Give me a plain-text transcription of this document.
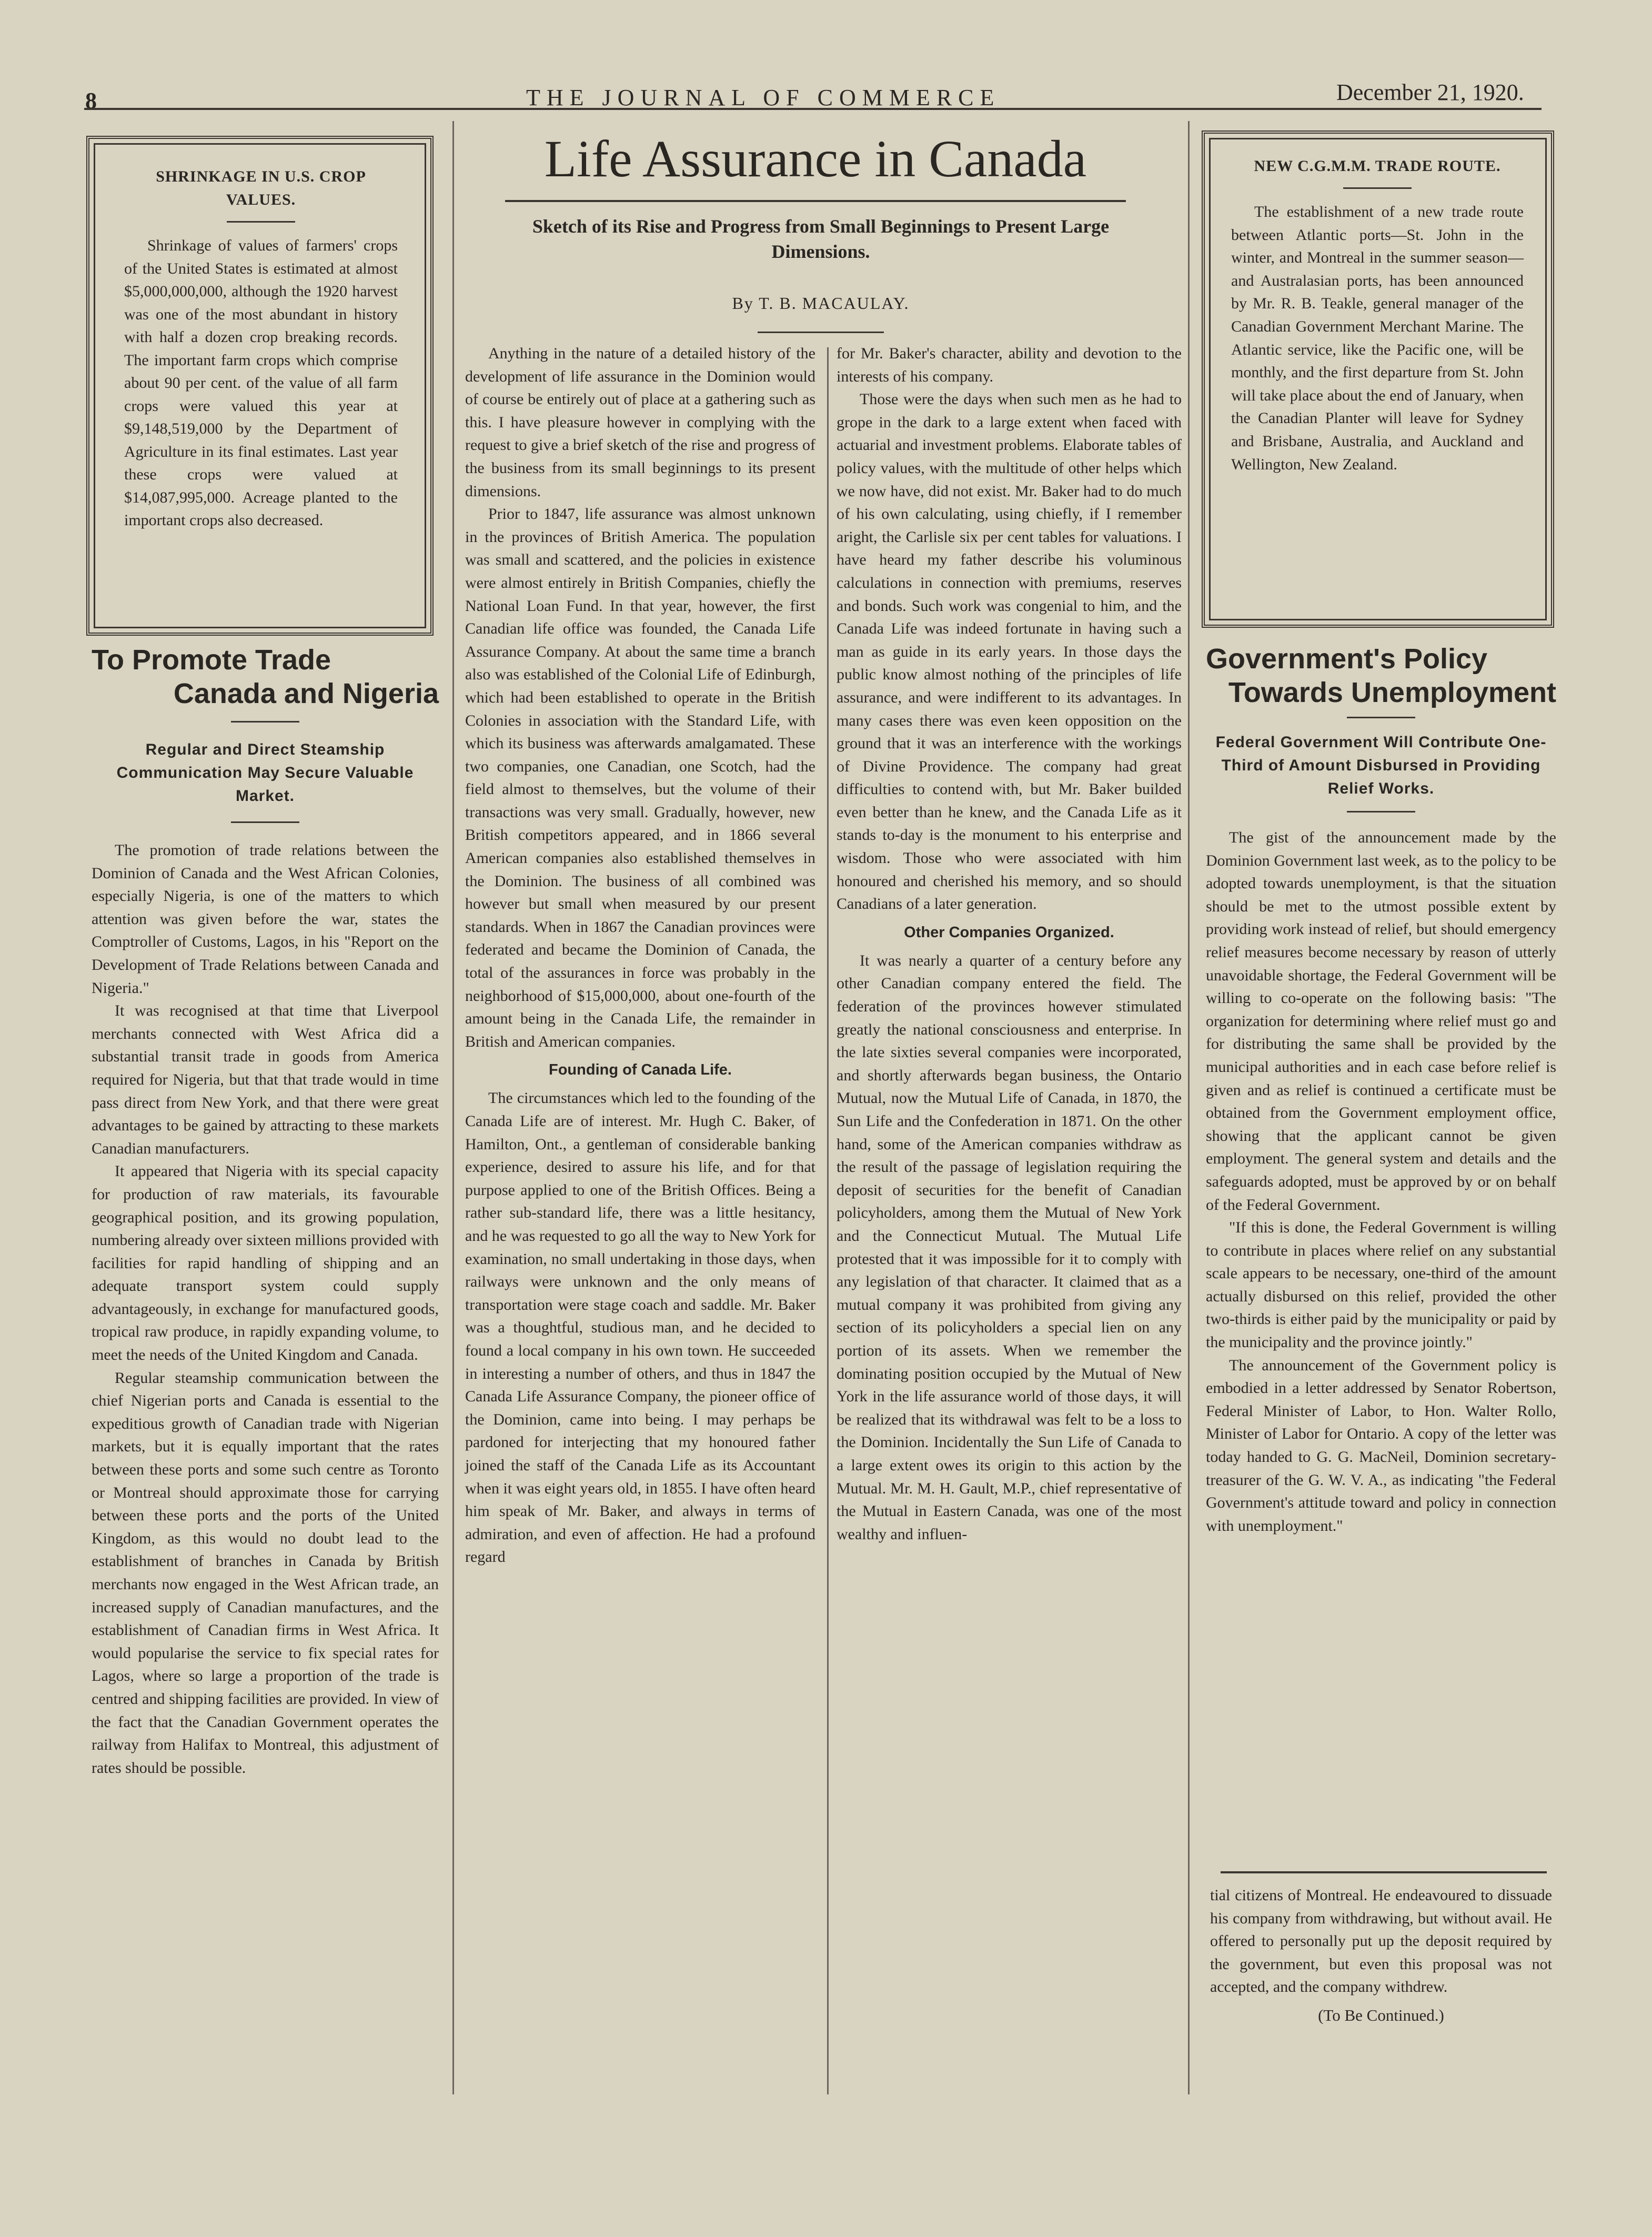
8	THE JOURNAL OF COMMERCE	December 21, 1920.
SHRINKAGE IN U.S. CROP VALUES.

Shrinkage of values of farmers' crops of the United States is estimated at almost $5,000,000,000, although the 1920 harvest was one of the most abundant in history with half a dozen crop breaking records. The important farm crops which comprise about 90 per cent. of the value of all farm crops were valued this year at $9,148,519,000 by the Department of Agriculture in its final estimates. Last year these crops were valued at $14,087,995,000. Acreage planted to the important crops also decreased.

To Promote Trade
Canada and Nigeria
Regular and Direct Steamship Communication May Secure Valuable Market.

The promotion of trade relations between the Dominion of Canada and the West African Colonies, especially Nigeria, is one of the matters to which attention was given before the war, states the Comptroller of Customs, Lagos, in his "Report on the Development of Trade Relations between Canada and Nigeria."

It was recognised at that time that Liverpool merchants connected with West Africa did a substantial transit trade in goods from America required for Nigeria, but that that trade would in time pass direct from New York, and that there were great advantages to be gained by attracting to these markets Canadian manufacturers.

It appeared that Nigeria with its special capacity for production of raw materials, its favourable geographical position, and its growing population, numbering already over sixteen millions provided with facilities for rapid handling of shipping and an adequate transport system could supply advantageously, in exchange for manufactured goods, tropical raw produce, in rapidly expanding volume, to meet the needs of the United Kingdom and Canada.

Regular steamship communication between the chief Nigerian ports and Canada is essential to the expeditious growth of Canadian trade with Nigerian markets, but it is equally important that the rates between these ports and some such centre as Toronto or Montreal should approximate those for carrying between these ports and the ports of the United Kingdom, as this would no doubt lead to the establishment of branches in Canada by British merchants now engaged in the West African trade, an increased supply of Canadian manufactures, and the establishment of Canadian firms in West Africa. It would popularise the service to fix special rates for Lagos, where so large a proportion of the trade is centred and shipping facilities are provided. In view of the fact that the Canadian Government operates the railway from Halifax to Montreal, this adjustment of rates should be possible.

Life Assurance in Canada
Sketch of its Rise and Progress from Small Beginnings to Present Large Dimensions.
By T. B. MACAULAY.

Anything in the nature of a detailed history of the development of life assurance in the Dominion would of course be entirely out of place at a gathering such as this. I have pleasure however in complying with the request to give a brief sketch of the rise and progress of the business from its small beginnings to its present dimensions.

Prior to 1847, life assurance was almost unknown in the provinces of British America. The population was small and scattered, and the policies in existence were almost entirely in British Companies, chiefly the National Loan Fund. In that year, however, the first Canadian life office was founded, the Canada Life Assurance Company. At about the same time a branch also was established of the Colonial Life of Edinburgh, which had been established to operate in the British Colonies in association with the Standard Life, with which its business was afterwards amalgamated. These two companies, one Canadian, one Scotch, had the field almost to themselves, but the volume of their transactions was very small. Gradually, however, new British competitors appeared, and in 1866 several American companies also established themselves in the Dominion. The business of all combined was however but small when measured by our present standards. When in 1867 the Canadian provinces were federated and became the Dominion of Canada, the total of the assurances in force was probably in the neighborhood of $15,000,000, about one-fourth of the amount being in the Canada Life, the remainder in British and American companies.

Founding of Canada Life.

The circumstances which led to the founding of the Canada Life are of interest. Mr. Hugh C. Baker, of Hamilton, Ont., a gentleman of considerable banking experience, desired to assure his life, and for that purpose applied to one of the British Offices. Being a rather sub-standard life, there was a little hesitancy, and he was requested to go all the way to New York for examination, no small undertaking in those days, when railways were unknown and the only means of transportation were stage coach and saddle. Mr. Baker was a thoughtful, studious man, and he decided to found a local company in his own town. He succeeded in interesting a number of others, and thus in 1847 the Canada Life Assurance Company, the pioneer office of the Dominion, came into being. I may perhaps be pardoned for interjecting that my honoured father joined the staff of the Canada Life as its Accountant when it was eight years old, in 1855. I have often heard him speak of Mr. Baker, and always in terms of admiration, and even of affection. He had a profound regard

for Mr. Baker's character, ability and devotion to the interests of his company.

Those were the days when such men as he had to grope in the dark to a large extent when faced with actuarial and investment problems. Elaborate tables of policy values, with the multitude of other helps which we now have, did not exist. Mr. Baker had to do much of his own calculating, using chiefly, if I remember aright, the Carlisle six per cent tables for valuations. I have heard my father describe his voluminous calculations in connection with premiums, reserves and bonds. Such work was congenial to him, and the Canada Life was indeed fortunate in having such a man as guide in its early years. In those days the public know almost nothing of the principles of life assurance, and were indifferent to its advantages. In many cases there was even keen opposition on the ground that it was an interference with the workings of Divine Providence. The company had great difficulties to contend with, but Mr. Baker builded even better than he knew, and the Canada Life as it stands to-day is the monument to his enterprise and wisdom. Those who were associated with him honoured and cherished his memory, and so should Canadians of a later generation.

Other Companies Organized.

It was nearly a quarter of a century before any other Canadian company entered the field. The federation of the provinces however stimulated greatly the national consciousness and enterprise. In the late sixties several companies were incorporated, and shortly afterwards began business, the Ontario Mutual, now the Mutual Life of Canada, in 1870, the Sun Life and the Confederation in 1871. On the other hand, some of the American companies withdraw as the result of the passage of legislation requiring the deposit of securities for the benefit of Canadian policyholders, among them the Mutual of New York and the Connecticut Mutual. The Mutual Life protested that it was impossible for it to comply with any legislation of that character. It claimed that as a mutual company it was prohibited from giving any section of its policyholders a special lien on any portion of its assets. When we remember the dominating position occupied by the Mutual of New York in the life assurance world of those days, it will be realized that its withdrawal was felt to be a loss to the Dominion. Incidentally the Sun Life of Canada to a large extent owes its origin to this action by the Mutual. Mr. M. H. Gault, M.P., chief representative of the Mutual in Eastern Canada, was one of the most wealthy and influen-

NEW C.G.M.M. TRADE ROUTE.

The establishment of a new trade route between Atlantic ports—St. John in the winter, and Montreal in the summer season—and Australasian ports, has been announced by Mr. R. B. Teakle, general manager of the Canadian Government Merchant Marine. The Atlantic service, like the Pacific one, will be monthly, and the first departure from St. John will take place about the end of January, when the Canadian Planter will leave for Sydney and Brisbane, Australia, and Auckland and Wellington, New Zealand.

Government's Policy
Towards Unemployment
Federal Government Will Contribute One-Third of Amount Disbursed in Providing Relief Works.

The gist of the announcement made by the Dominion Government last week, as to the policy to be adopted towards unemployment, is that the situation should be met to the utmost possible extent by providing work instead of relief, but should emergency relief measures become necessary by reason of utterly unavoidable shortage, the Federal Government will be willing to co-operate on the following basis: "The organization for determining where relief must go and for distributing the same shall be provided by the municipal authorities and in each case before relief is given and as relief is continued a certificate must be obtained from the Government employment office, showing that the applicant cannot be given employment. The general system and details and the safeguards adopted, must be approved by or on behalf of the Federal Government.

"If this is done, the Federal Government is willing to contribute in places where relief on any substantial scale appears to be necessary, one-third of the amount actually disbursed on this relief, provided the other two-thirds is either paid by the municipality or paid by the municipality and the province jointly."

The announcement of the Government policy is embodied in a letter addressed by Senator Robertson, Federal Minister of Labor, to Hon. Walter Rollo, Minister of Labor for Ontario. A copy of the letter was today handed to G. G. MacNeil, Dominion secretary-treasurer of the G. W. V. A., as indicating "the Federal Government's attitude toward and policy in connection with unemployment."

tial citizens of Montreal. He endeavoured to dissuade his company from withdrawing, but without avail. He offered to personally put up the deposit required by the government, but even this proposal was not accepted, and the company withdrew.

(To Be Continued.)
